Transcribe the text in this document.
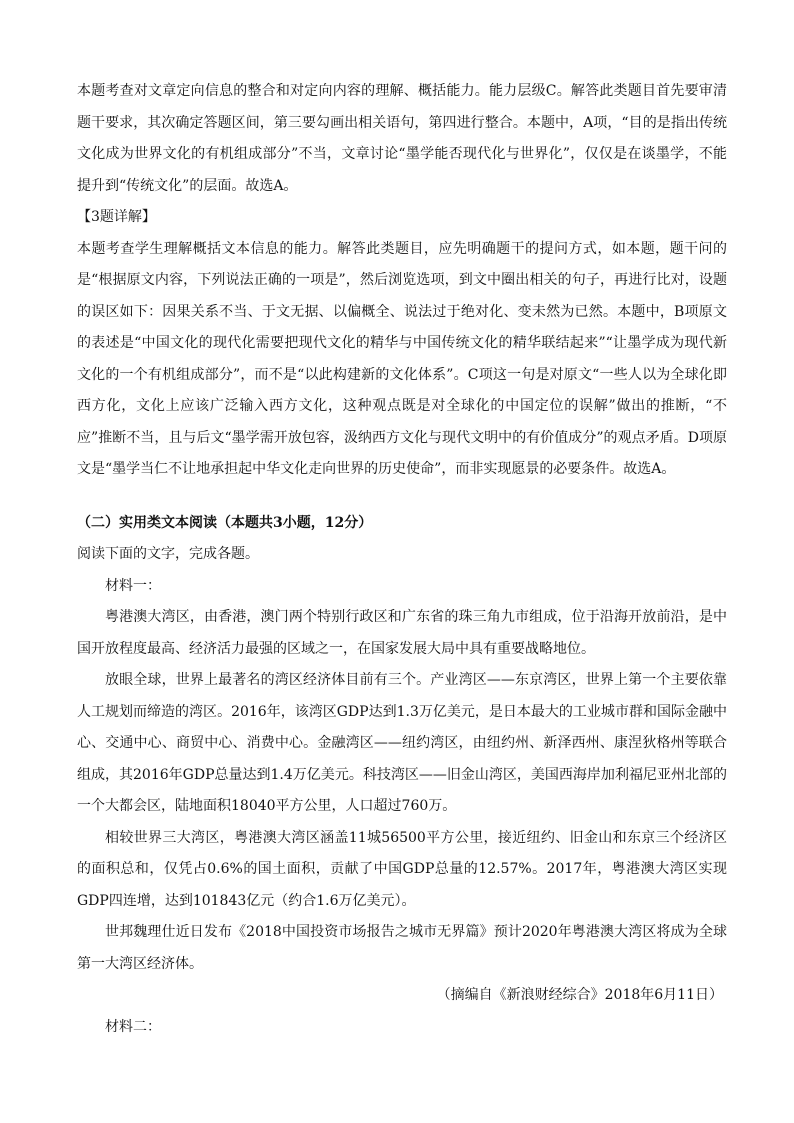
本题考查对文章定向信息的整合和对定向内容的理解、概括能力。能力层级C。解答此类题目首先要审清题干要求，其次确定答题区间，第三要勾画出相关语句，第四进行整合。本题中，A项，“目的是指出传统文化成为世界文化的有机组成部分”不当，文章讨论“墨学能否现代化与世界化”，仅仅是在谈墨学，不能提升到“传统文化”的层面。故选A。

【3题详解】

本题考查学生理解概括文本信息的能力。解答此类题目，应先明确题干的提问方式，如本题，题干问的是“根据原文内容，下列说法正确的一项是”，然后浏览选项，到文中圈出相关的句子，再进行比对，设题的误区如下：因果关系不当、于文无据、以偏概全、说法过于绝对化、变未然为已然。本题中，B项原文的表述是“中国文化的现代化需要把现代文化的精华与中国传统文化的精华联结起来”“让墨学成为现代新文化的一个有机组成部分”，而不是“以此构建新的文化体系”。C项这一句是对原文“一些人以为全球化即西方化，文化上应该广泛输入西方文化，这种观点既是对全球化的中国定位的误解”做出的推断，“不应”推断不当，且与后文“墨学需开放包容，汲纳西方文化与现代文明中的有价值成分”的观点矛盾。D项原文是“墨学当仁不让地承担起中华文化走向世界的历史使命”，而非实现愿景的必要条件。故选A。

（二）实用类文本阅读（本题共3小题，12分）

阅读下面的文字，完成各题。

材料一：

粤港澳大湾区，由香港，澳门两个特别行政区和广东省的珠三角九市组成，位于沿海开放前沿，是中国开放程度最高、经济活力最强的区域之一，在国家发展大局中具有重要战略地位。

放眼全球，世界上最著名的湾区经济体目前有三个。产业湾区——东京湾区，世界上第一个主要依靠人工规划而缔造的湾区。2016年，该湾区GDP达到1.3万亿美元，是日本最大的工业城市群和国际金融中心、交通中心、商贸中心、消费中心。金融湾区——纽约湾区，由纽约州、新泽西州、康涅狄格州等联合组成，其2016年GDP总量达到1.4万亿美元。科技湾区——旧金山湾区，美国西海岸加利福尼亚州北部的一个大都会区，陆地面积18040平方公里，人口超过760万。

相较世界三大湾区，粤港澳大湾区涵盖11城56500平方公里，接近纽约、旧金山和东京三个经济区的面积总和，仅凭占0.6%的国土面积，贡献了中国GDP总量的12.57%。2017年，粤港澳大湾区实现GDP四连增，达到101843亿元（约合1.6万亿美元）。

世邦魏理仕近日发布《2018中国投资市场报告之城市无界篇》预计2020年粤港澳大湾区将成为全球第一大湾区经济体。

（摘编自《新浪财经综合》2018年6月11日）

材料二：
